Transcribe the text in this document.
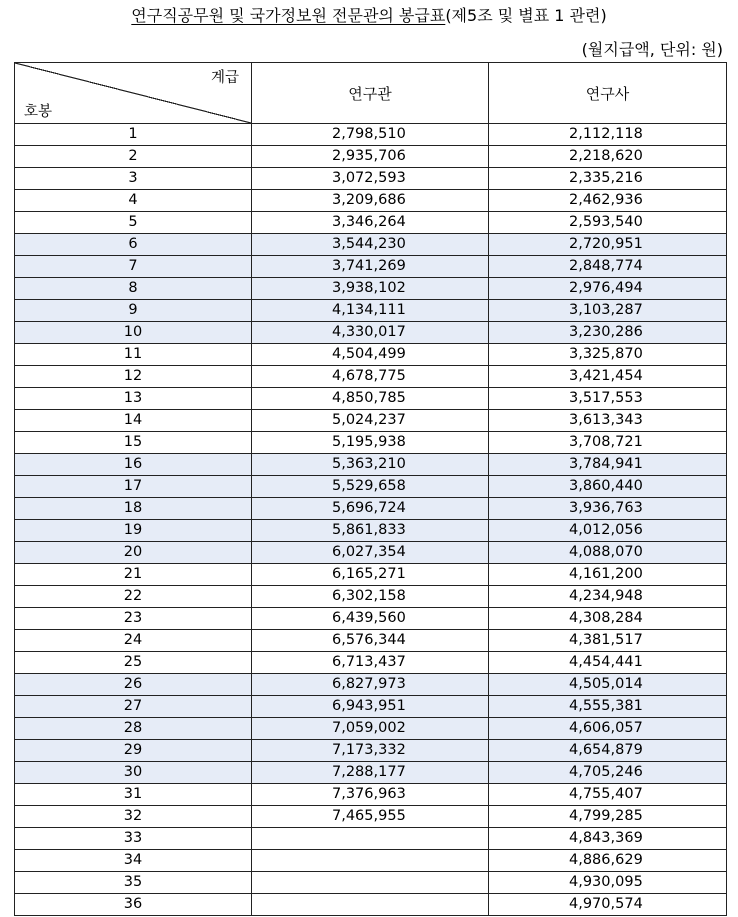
연구직공무원 및 국가정보원 전문관의 봉급표(제5조 및 별표 1 관련)
(월지급액, 단위: 원)
계급
호봉	연구관	연구사
1	2,798,510	2,112,118
2	2,935,706	2,218,620
3	3,072,593	2,335,216
4	3,209,686	2,462,936
5	3,346,264	2,593,540
6	3,544,230	2,720,951
7	3,741,269	2,848,774
8	3,938,102	2,976,494
9	4,134,111	3,103,287
10	4,330,017	3,230,286
11	4,504,499	3,325,870
12	4,678,775	3,421,454
13	4,850,785	3,517,553
14	5,024,237	3,613,343
15	5,195,938	3,708,721
16	5,363,210	3,784,941
17	5,529,658	3,860,440
18	5,696,724	3,936,763
19	5,861,833	4,012,056
20	6,027,354	4,088,070
21	6,165,271	4,161,200
22	6,302,158	4,234,948
23	6,439,560	4,308,284
24	6,576,344	4,381,517
25	6,713,437	4,454,441
26	6,827,973	4,505,014
27	6,943,951	4,555,381
28	7,059,002	4,606,057
29	7,173,332	4,654,879
30	7,288,177	4,705,246
31	7,376,963	4,755,407
32	7,465,955	4,799,285
33		4,843,369
34		4,886,629
35		4,930,095
36		4,970,574
